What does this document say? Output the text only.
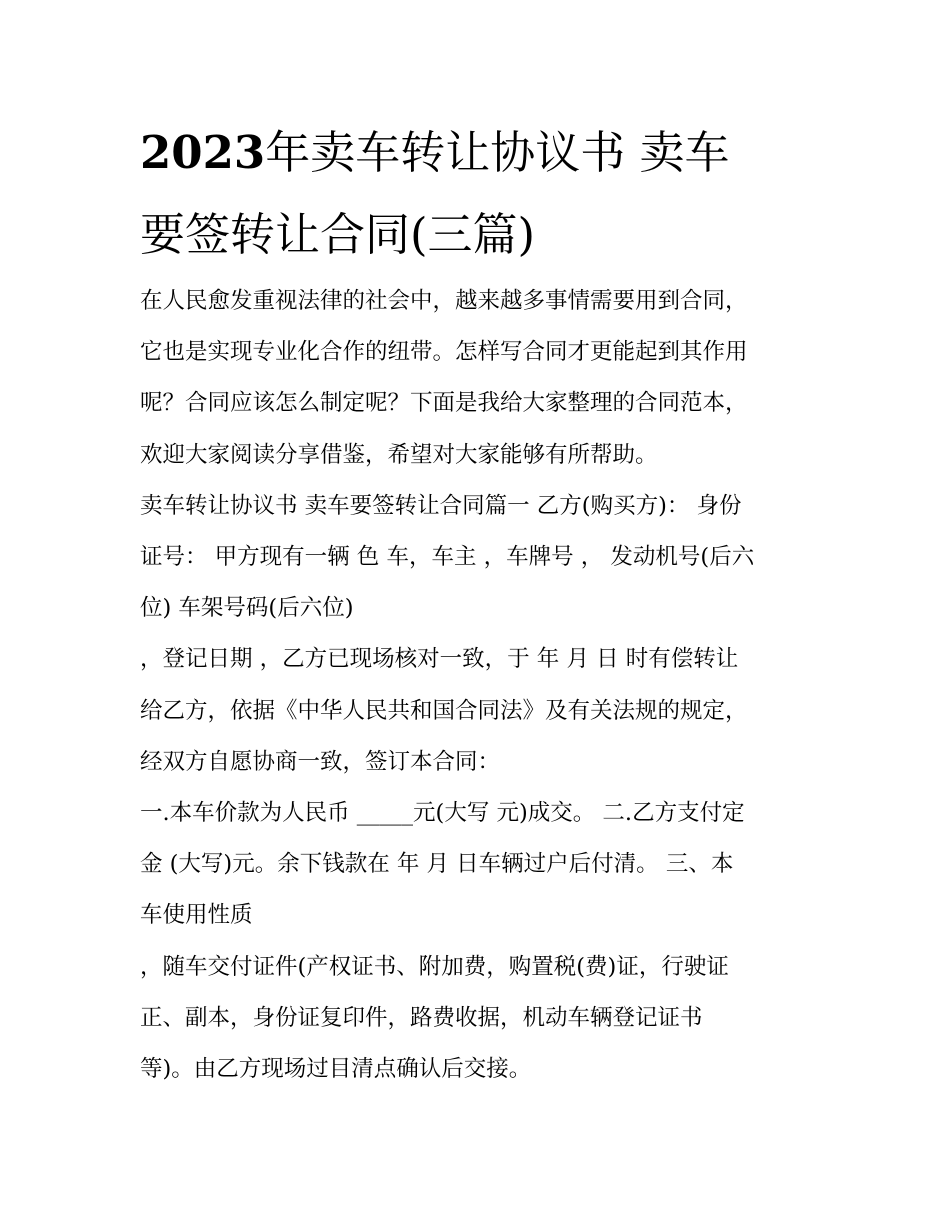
2023年卖车转让协议书 卖车
要签转让合同(三篇)
在人民愈发重视法律的社会中，越来越多事情需要用到合同，
它也是实现专业化合作的纽带。怎样写合同才更能起到其作用
呢？合同应该怎么制定呢？下面是我给大家整理的合同范本，
欢迎大家阅读分享借鉴，希望对大家能够有所帮助。
卖车转让协议书 卖车要签转让合同篇一 乙方(购买方)： 身份
证号： 甲方现有一辆 色 车，车主 ，车牌号 ， 发动机号(后六
位) 车架号码(后六位)
，登记日期 ，乙方已现场核对一致，于 年 月 日 时有偿转让
给乙方，依据《中华人民共和国合同法》及有关法规的规定，
经双方自愿协商一致，签订本合同：
一.本车价款为人民币 _____元(大写 元)成交。 二.乙方支付定
金 (大写)元。余下钱款在 年 月 日车辆过户后付清。 三、本
车使用性质
，随车交付证件(产权证书、附加费，购置税(费)证，行驶证
正、副本，身份证复印件，路费收据，机动车辆登记证书
等)。由乙方现场过目清点确认后交接。
